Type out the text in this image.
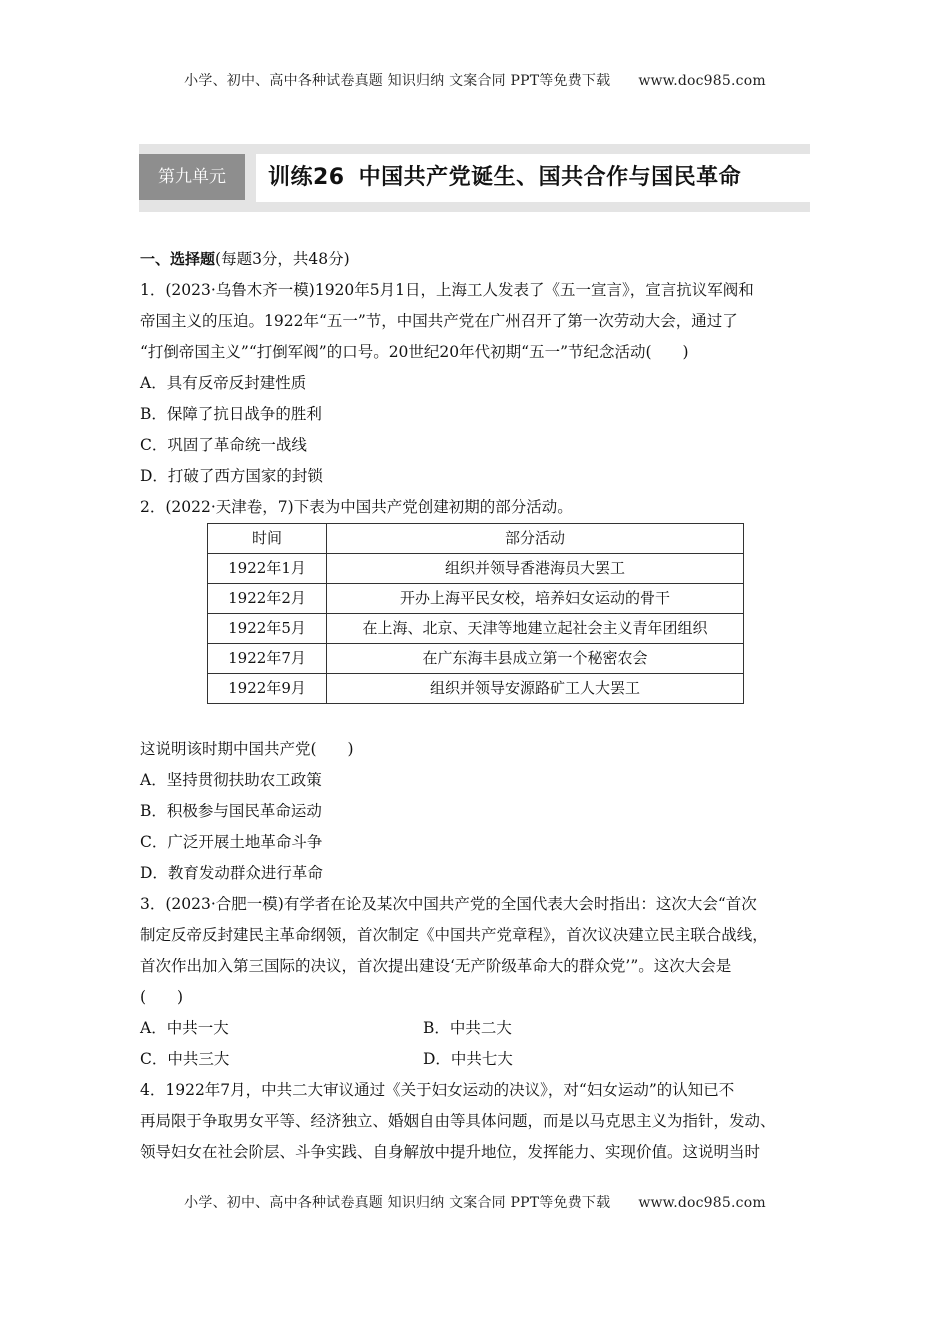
小学、初中、高中各种试卷真题 知识归纳 文案合同 PPT等免费下载 www.doc985.com
第九单元	训练26 中国共产党诞生、国共合作与国民革命

一、选择题(每题3分，共48分)

1．(2023·乌鲁木齐一模)1920年5月1日，上海工人发表了《五一宣言》，宣言抗议军阀和

帝国主义的压迫。1922年“五一”节，中国共产党在广州召开了第一次劳动大会，通过了

“打倒帝国主义”“打倒军阀”的口号。20世纪20年代初期“五一”节纪念活动(　　)

A．具有反帝反封建性质

B．保障了抗日战争的胜利

C．巩固了革命统一战线

D．打破了西方国家的封锁

2．(2022·天津卷，7)下表为中国共产党创建初期的部分活动。

时间	部分活动
1922年1月	组织并领导香港海员大罢工
1922年2月	开办上海平民女校，培养妇女运动的骨干
1922年5月	在上海、北京、天津等地建立起社会主义青年团组织
1922年7月	在广东海丰县成立第一个秘密农会
1922年9月	组织并领导安源路矿工人大罢工

这说明该时期中国共产党(　　)

A．坚持贯彻扶助农工政策

B．积极参与国民革命运动

C．广泛开展土地革命斗争

D．教育发动群众进行革命

3．(2023·合肥一模)有学者在论及某次中国共产党的全国代表大会时指出：这次大会“首次

制定反帝反封建民主革命纲领，首次制定《中国共产党章程》，首次议决建立民主联合战线，

首次作出加入第三国际的决议，首次提出建设‘无产阶级革命大的群众党’”。这次大会是

(　　)

A．中共一大	B．中共二大
C．中共三大	D．中共七大

4．1922年7月，中共二大审议通过《关于妇女运动的决议》，对“妇女运动”的认知已不

再局限于争取男女平等、经济独立、婚姻自由等具体问题，而是以马克思主义为指针，发动、

领导妇女在社会阶层、斗争实践、自身解放中提升地位，发挥能力、实现价值。这说明当时

小学、初中、高中各种试卷真题 知识归纳 文案合同 PPT等免费下载 www.doc985.com
